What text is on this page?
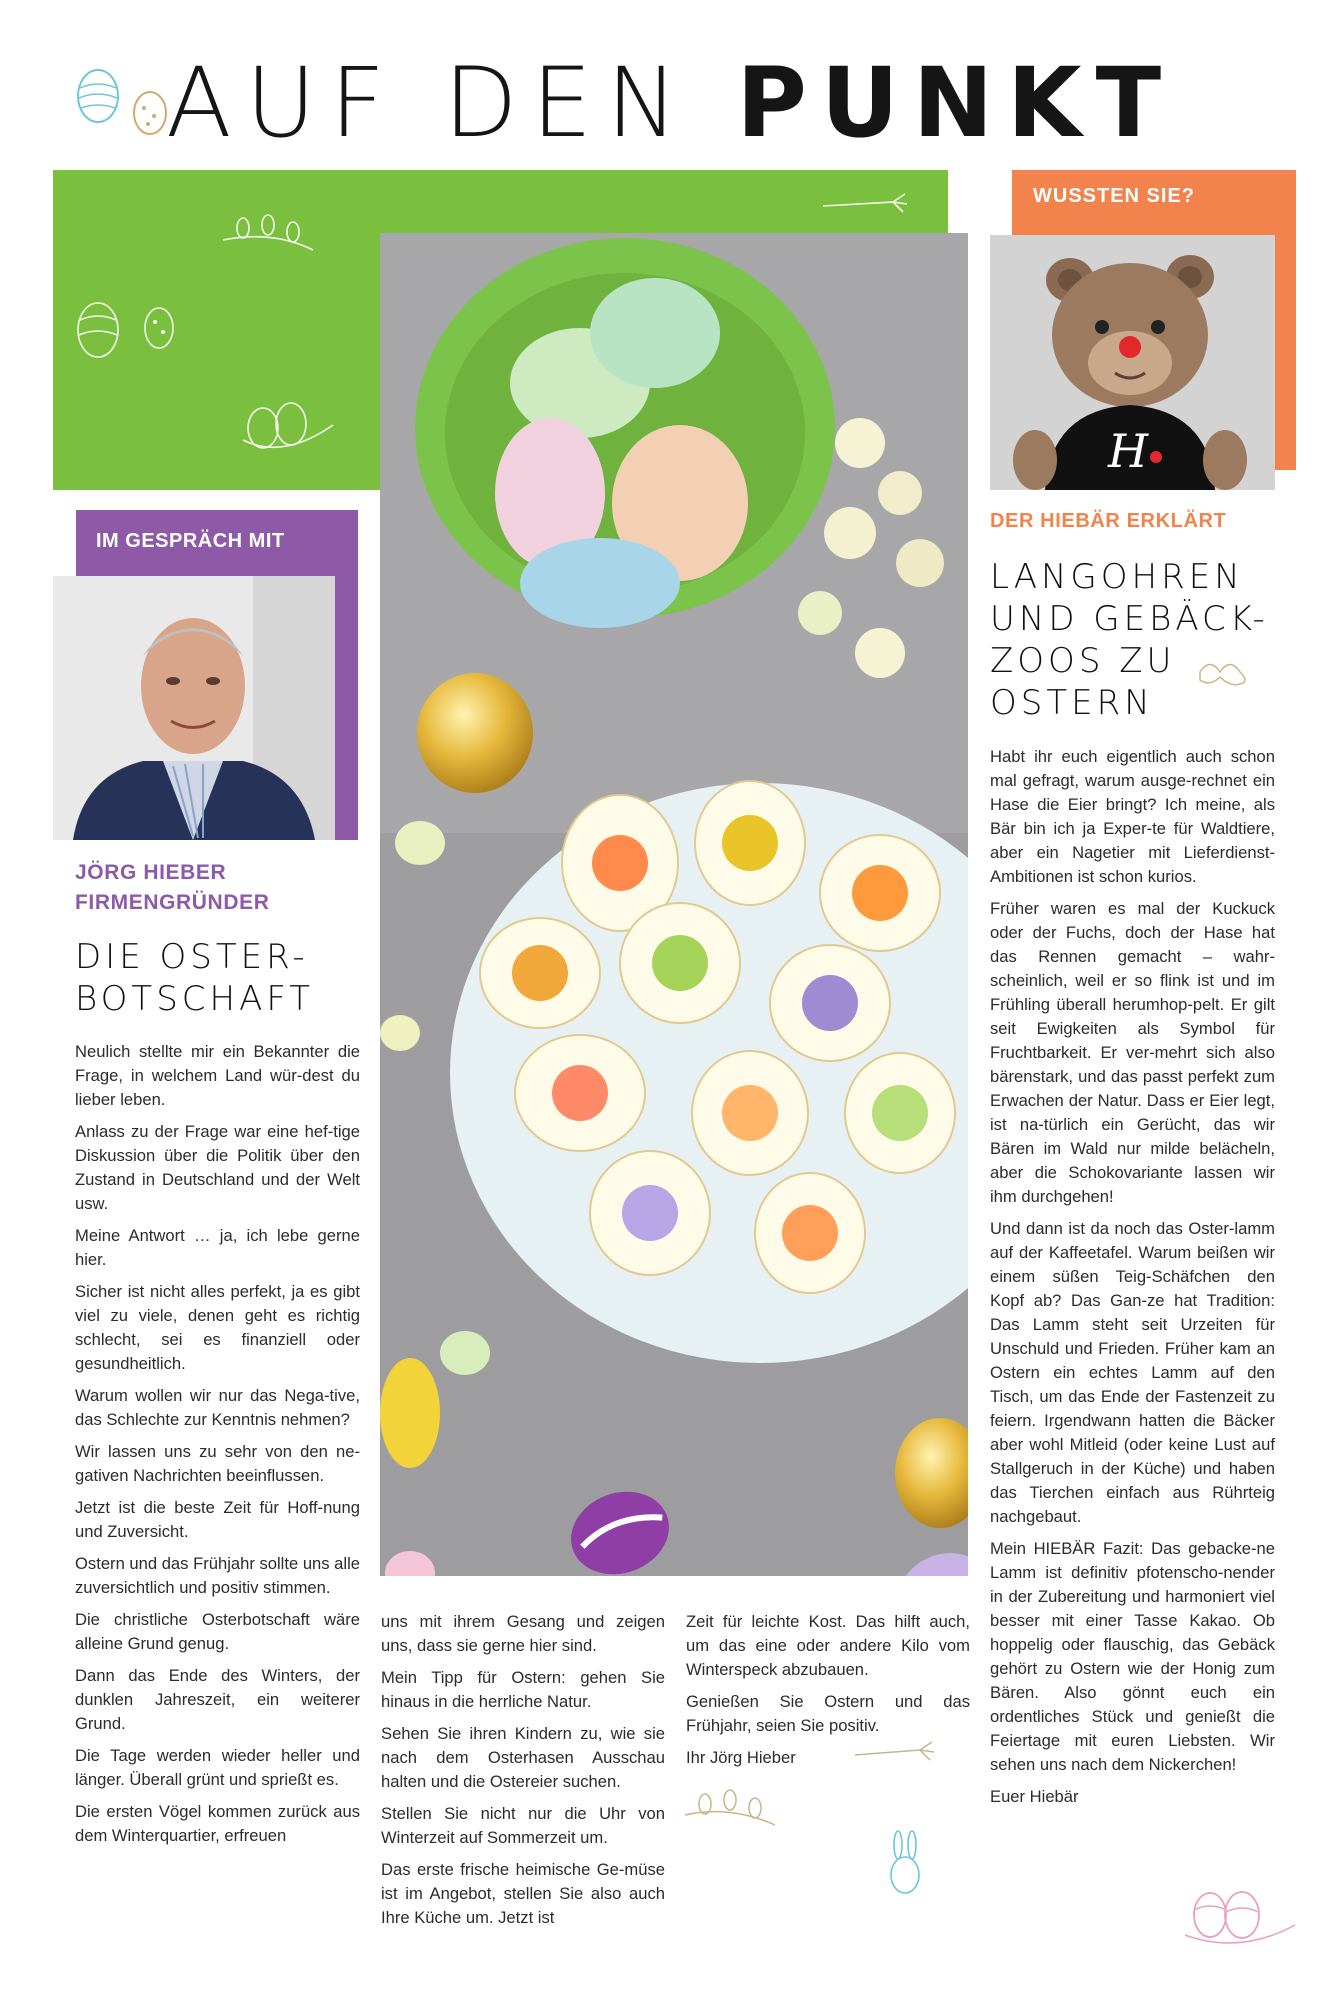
AUF DEN PUNKT
WUSSTEN SIE?
H
IM GESPRÄCH MIT
JÖRG HIEBER
FIRMENGRÜNDER
DIE OSTER-
BOTSCHAFT

Neulich stellte mir ein Bekannter die Frage, in welchem Land wür-dest du lieber leben.

Anlass zu der Frage war eine hef-tige Diskussion über die Politik über den Zustand in Deutschland und der Welt usw.

Meine Antwort … ja, ich lebe gerne hier.

Sicher ist nicht alles perfekt, ja es gibt viel zu viele, denen geht es richtig schlecht, sei es finanziell oder gesundheitlich.

Warum wollen wir nur das Nega-tive, das Schlechte zur Kenntnis nehmen?

Wir lassen uns zu sehr von den ne-gativen Nachrichten beeinflussen.

Jetzt ist die beste Zeit für Hoff-nung und Zuversicht.

Ostern und das Frühjahr sollte uns alle zuversichtlich und positiv stimmen.

Die christliche Osterbotschaft wäre alleine Grund genug.

Dann das Ende des Winters, der dunklen Jahreszeit, ein weiterer Grund.

Die Tage werden wieder heller und länger. Überall grünt und sprießt es.

Die ersten Vögel kommen zurück aus dem Winterquartier, erfreuen

uns mit ihrem Gesang und zeigen uns, dass sie gerne hier sind.

Mein Tipp für Ostern: gehen Sie hinaus in die herrliche Natur.

Sehen Sie ihren Kindern zu, wie sie nach dem Osterhasen Ausschau halten und die Ostereier suchen.

Stellen Sie nicht nur die Uhr von Winterzeit auf Sommerzeit um.

Das erste frische heimische Ge-müse ist im Angebot, stellen Sie also auch Ihre Küche um. Jetzt ist

Zeit für leichte Kost. Das hilft auch, um das eine oder andere Kilo vom Winterspeck abzubauen.

Genießen Sie Ostern und das Frühjahr, seien Sie positiv.

Ihr Jörg Hieber

DER HIEBÄR ERKLÄRT
LANGOHREN
UND GEBÄCK-
ZOOS ZU
OSTERN

Habt ihr euch eigentlich auch schon mal gefragt, warum ausge-rechnet ein Hase die Eier bringt? Ich meine, als Bär bin ich ja Exper-te für Waldtiere, aber ein Nagetier mit Lieferdienst-Ambitionen ist schon kurios.

Früher waren es mal der Kuckuck oder der Fuchs, doch der Hase hat das Rennen gemacht – wahr-scheinlich, weil er so flink ist und im Frühling überall herumhop-pelt. Er gilt seit Ewigkeiten als Symbol für Fruchtbarkeit. Er ver-mehrt sich also bärenstark, und das passt perfekt zum Erwachen der Natur. Dass er Eier legt, ist na-türlich ein Gerücht, das wir Bären im Wald nur milde belächeln, aber die Schokovariante lassen wir ihm durchgehen!

Und dann ist da noch das Oster-lamm auf der Kaffeetafel. Warum beißen wir einem süßen Teig-Schäfchen den Kopf ab? Das Gan-ze hat Tradition: Das Lamm steht seit Urzeiten für Unschuld und Frieden. Früher kam an Ostern ein echtes Lamm auf den Tisch, um das Ende der Fastenzeit zu feiern. Irgendwann hatten die Bäcker aber wohl Mitleid (oder keine Lust auf Stallgeruch in der Küche) und haben das Tierchen einfach aus Rührteig nachgebaut.

Mein HIEBÄR Fazit: Das gebacke-ne Lamm ist definitiv pfotenscho-nender in der Zubereitung und harmoniert viel besser mit einer Tasse Kakao. Ob hoppelig oder flauschig, das Gebäck gehört zu Ostern wie der Honig zum Bären. Also gönnt euch ein ordentliches Stück und genießt die Feiertage mit euren Liebsten. Wir sehen uns nach dem Nickerchen!

Euer Hiebär
